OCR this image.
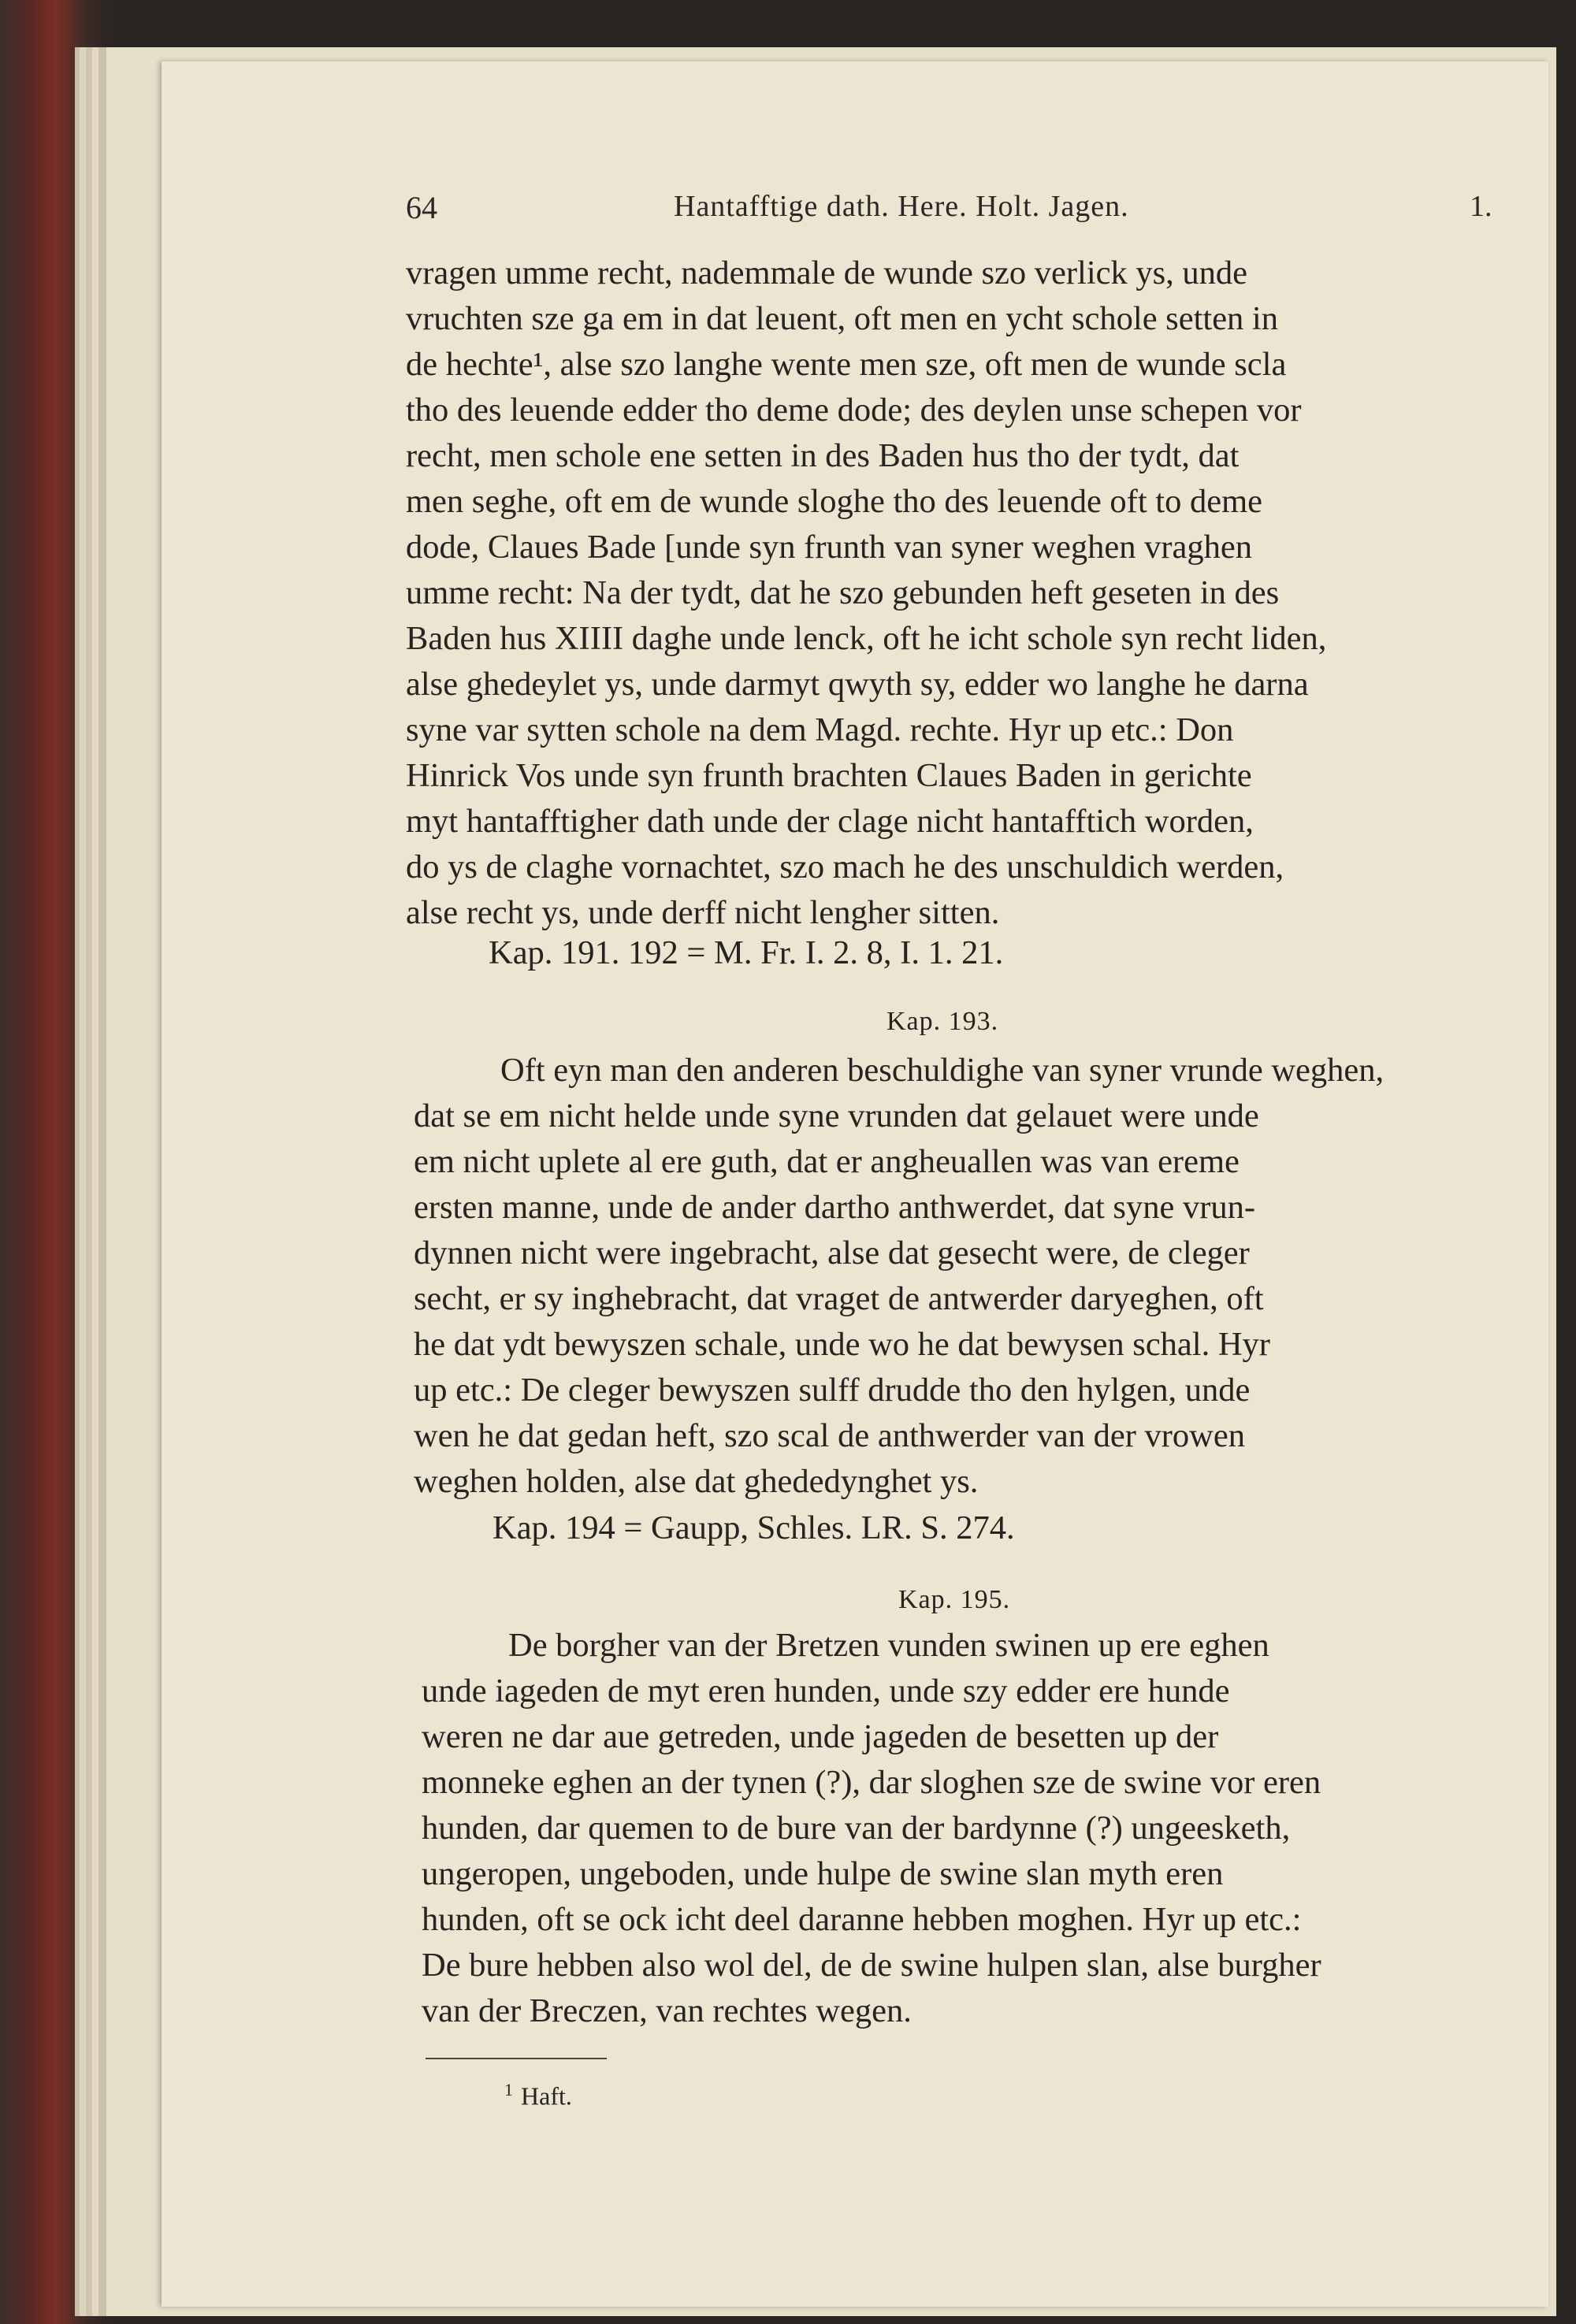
64	Hantafftige dath. Here. Holt. Jagen.	1.

vragen umme recht, nademmale de wunde szo verlick ys, unde

vruchten sze ga em in dat leuent, oft men en ycht schole setten in

de hechte¹, alse szo langhe wente men sze, oft men de wunde scla

tho des leuende edder tho deme dode; des deylen unse schepen vor

recht, men schole ene setten in des Baden hus tho der tydt, dat

men seghe, oft em de wunde sloghe tho des leuende oft to deme

dode, Claues Bade [unde syn frunth van syner weghen vraghen

umme recht: Na der tydt, dat he szo gebunden heft geseten in des

Baden hus XIIII daghe unde lenck, oft he icht schole syn recht liden,

alse ghedeylet ys, unde darmyt qwyth sy, edder wo langhe he darna

syne var sytten schole na dem Magd. rechte. Hyr up etc.: Don

Hinrick Vos unde syn frunth brachten Claues Baden in gerichte

myt hantafftigher dath unde der clage nicht hantafftich worden,

do ys de claghe vornachtet, szo mach he des unschuldich werden,

alse recht ys, unde derff nicht lengher sitten.

Kap. 191. 192 = M. Fr. I. 2. 8, I. 1. 21.
Kap. 193.

Oft eyn man den anderen beschuldighe van syner vrunde weghen,

dat se em nicht helde unde syne vrunden dat gelauet were unde

em nicht uplete al ere guth, dat er angheuallen was van ereme

ersten manne, unde de ander dartho anthwerdet, dat syne vrun-

dynnen nicht were ingebracht, alse dat gesecht were, de cleger

secht, er sy inghebracht, dat vraget de antwerder daryeghen, oft

he dat ydt bewyszen schale, unde wo he dat bewysen schal. Hyr

up etc.: De cleger bewyszen sulff druddе tho den hylgen, unde

wen he dat gedan heft, szo scal de anthwerder van der vrowen

weghen holden, alse dat ghededynghet ys.

Kap. 194 = Gaupp, Schles. LR. S. 274.
Kap. 195.

De borgher van der Bretzen vunden swinen up ere eghen

unde iageden de myt eren hunden, unde szy edder ere hunde

weren ne dar aue getreden, unde jageden de besetten up der

monneke eghen an der tynen (?), dar sloghen sze de swine vor eren

hunden, dar quemen to de bure van der bardynne (?) ungeesketh,

ungeropen, ungeboden, unde hulpe de swine slan myth eren

hunden, oft se ock icht deel daranne hebben moghen. Hyr up etc.:

De bure hebben also wol del, de de swine hulpen slan, alse burgher

van der Breczen, van rechtes wegen.

$^1$ Haft.
